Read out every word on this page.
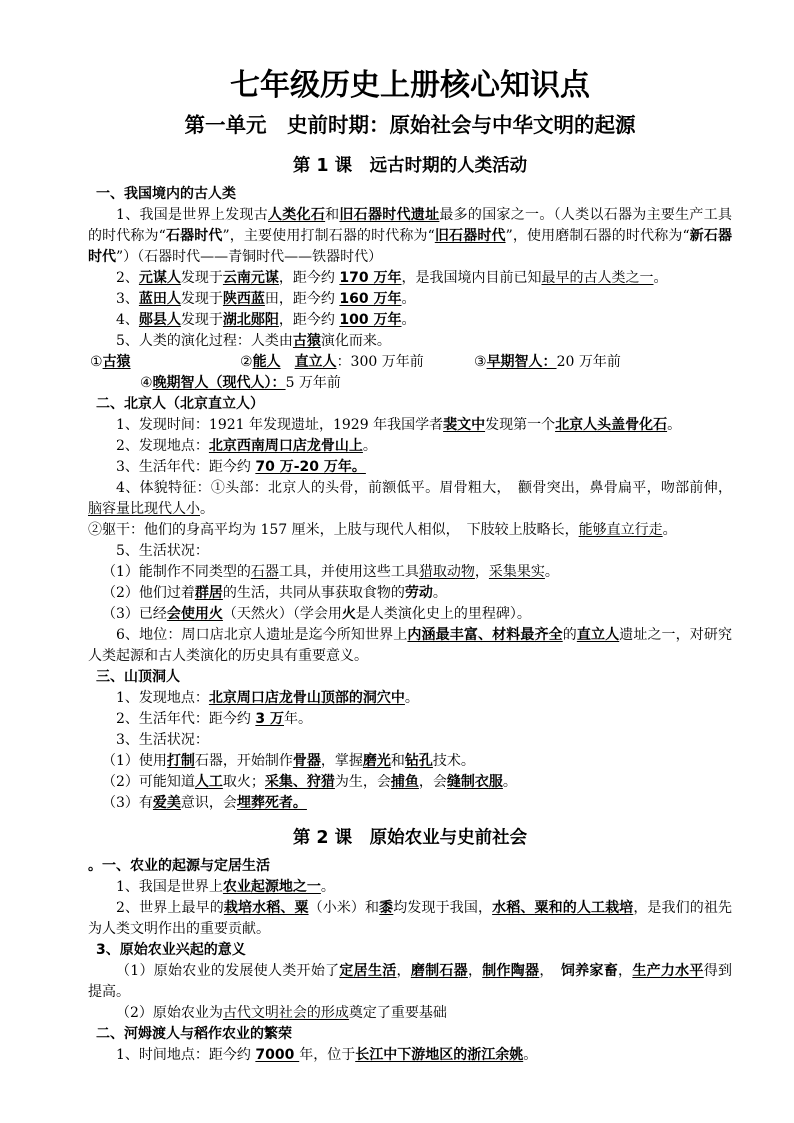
七年级历史上册核心知识点
第一单元　史前时期：原始社会与中华文明的起源
第 1 课　远古时期的人类活动

一、我国境内的古人类

1、我国是世界上发现古人类化石和旧石器时代遗址最多的国家之一。（人类以石器为主要生产工具的时代称为“石器时代”，主要使用打制石器的时代称为“旧石器时代”，使用磨制石器的时代称为“新石器时代”）（石器时代——青铜时代——铁器时代）

2、元谋人发现于云南元谋，距今约 170 万年，是我国境内目前已知最早的古人类之一。

3、蓝田人发现于陕西蓝田，距今约 160 万年。

4、郧县人发现于湖北郧阳，距今约 100 万年。

5、人类的演化过程：人类由古猿演化而来。

①古猿	②能人　 直立人：300 万年前	③早期智人：20 万年前

④晚期智人（现代人）：5 万年前

二、北京人（北京直立人）

1、发现时间：1921 年发现遗址，1929 年我国学者裴文中发现第一个北京人头盖骨化石。

2、发现地点：北京西南周口店龙骨山上。

3、生活年代：距今约 70 万-20 万年。

4、体貌特征：①头部：北京人的头骨，前额低平。眉骨粗大，　颧骨突出，鼻骨扁平，吻部前伸，脑容量比现代人小。

②躯干：他们的身高平均为 157 厘米，上肢与现代人相似，　下肢较上肢略长，能够直立行走。

5、生活状况：

（1）能制作不同类型的石器工具，并使用这些工具猎取动物，采集果实。

（2）他们过着群居的生活，共同从事获取食物的劳动。

（3）已经会使用火（天然火）（学会用火是人类演化史上的里程碑）。

6、地位：周口店北京人遗址是迄今所知世界上内涵最丰富、材料最齐全的直立人遗址之一，对研究人类起源和古人类演化的历史具有重要意义。

三、山顶洞人

1、发现地点：北京周口店龙骨山顶部的洞穴中。

2、生活年代：距今约 3 万年。

3、生活状况：

（1）使用打制石器，开始制作骨器，掌握磨光和钻孔技术。

（2）可能知道人工取火；采集、狩猎为生，会捕鱼，会缝制衣服。

（3）有爱美意识，会埋葬死者。

第 2 课　原始农业与史前社会

。一、农业的起源与定居生活

1、我国是世界上农业起源地之一。

2、世界上最早的栽培水稻、粟（小米）和黍均发现于我国，水稻、粟和的人工栽培，是我们的祖先为人类文明作出的重要贡献。

3、原始农业兴起的意义

（1）原始农业的发展使人类开始了定居生活，磨制石器，制作陶器，　饲养家畜，生产力水平得到提高。

（2）原始农业为古代文明社会的形成奠定了重要基础

二、河姆渡人与稻作农业的繁荣

1、时间地点：距今约 7000 年，位于长江中下游地区的浙江余姚。
